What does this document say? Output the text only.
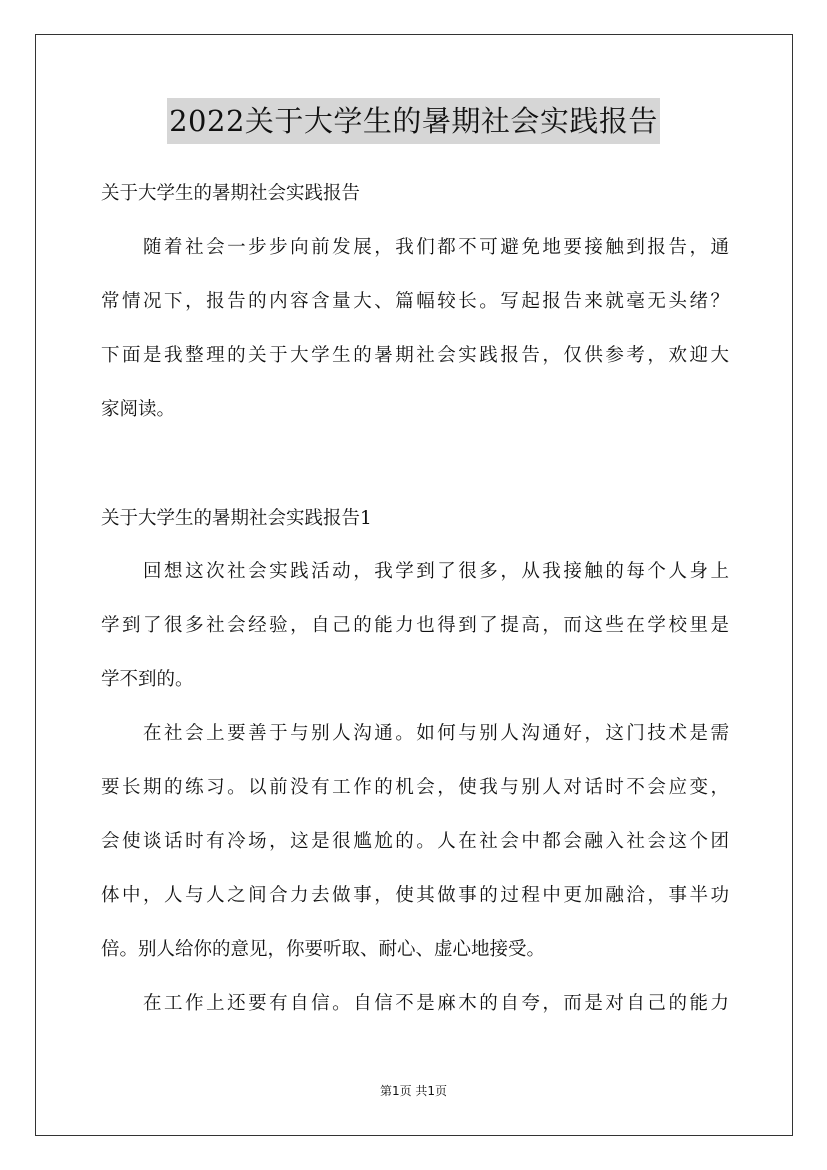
2022关于大学生的暑期社会实践报告
关于大学生的暑期社会实践报告
　　随着社会一步步向前发展，我们都不可避免地要接触到报告，通
常情况下，报告的内容含量大、篇幅较长。写起报告来就毫无头绪？
下面是我整理的关于大学生的暑期社会实践报告，仅供参考，欢迎大
家阅读。
关于大学生的暑期社会实践报告1
　　回想这次社会实践活动，我学到了很多，从我接触的每个人身上
学到了很多社会经验，自己的能力也得到了提高，而这些在学校里是
学不到的。
　　在社会上要善于与别人沟通。如何与别人沟通好，这门技术是需
要长期的练习。以前没有工作的机会，使我与别人对话时不会应变，
会使谈话时有冷场，这是很尴尬的。人在社会中都会融入社会这个团
体中，人与人之间合力去做事，使其做事的过程中更加融洽，事半功
倍。别人给你的意见，你要听取、耐心、虚心地接受。
　　在工作上还要有自信。自信不是麻木的自夸，而是对自己的能力
第1页 共1页
